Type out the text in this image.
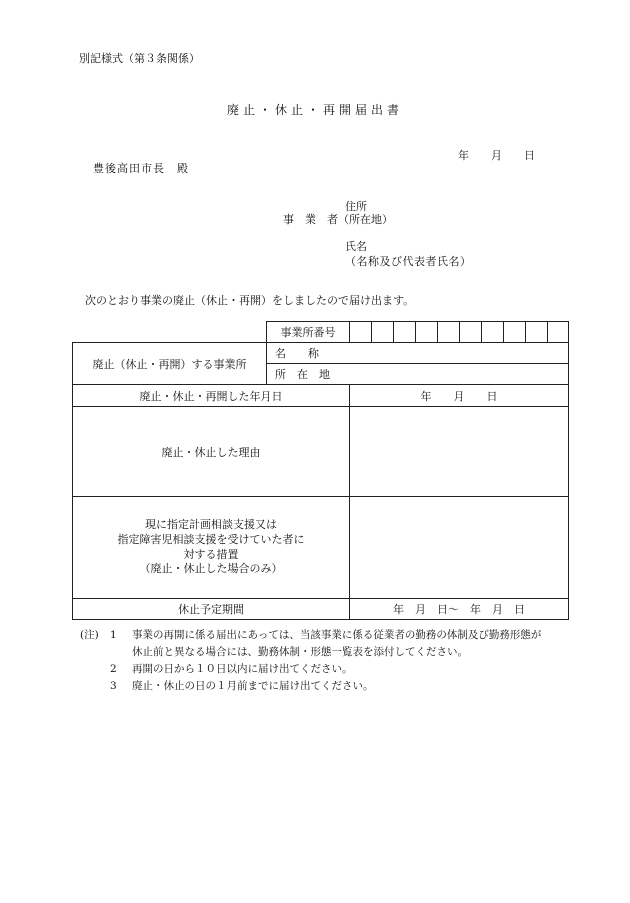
別記様式（第３条関係）
廃止・休止・再開届出書
年　　月　　日
豊後高田市長　殿
住所
事　業　者（所在地）
氏名
（名称及び代表者氏名）
次のとおり事業の廃止（休止・再開）をしましたので届け出ます。
	事業所番号										
廃止（休止・再開）する事業所	名　　称										
	所　在　地										
廃止・休止・再開した年月日		年　　月　　日									
廃止・休止した理由											

現に指定計画相談支援又は
指定障害児相談支援を受けていた者に
対する措置
（廃止・休止した場合のみ）											

休止予定期間		年　月　日～　年　月　日									
(注)	1	事業の再開に係る届出にあっては、当該事業に係る従業者の勤務の体制及び勤務形態が
休止前と異なる場合には、勤務体制・形態一覧表を添付してください。
2	再開の日から１０日以内に届け出てください。
3	廃止・休止の日の１月前までに届け出てください。
